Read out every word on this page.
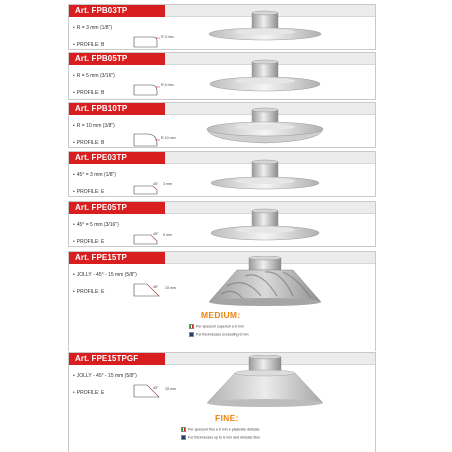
Art. FPB03TP
• R = 3 mm (1/8")
• PROFILE: B
R 3 mm
Art. FPB05TP
• R = 5 mm (3/16")
• PROFILE: B
R 5 mm
Art. FPB10TP
• R = 10 mm (3/8")
• PROFILE: B
R 10 mm
Art. FPE03TP
• 45° = 3 mm (1/8")
• PROFILE: E
45° 3 mm
Art. FPE05TP
• 45° = 5 mm (3/16")
• PROFILE: E
45° 5 mm
Art. FPE15TP
• JOLLY - 45° - 15 mm (5/8")
• PROFILE: E
45° 15 mm
MEDIUM:
Per spessori superiori a 6 mm
For thicknesses exceeding 6 mm
Art. FPE15TPGF
• JOLLY - 45° - 15 mm (5/8")
• PROFILE: E
45° 15 mm
FINE:
Per spessori fino a 6 mm e piastrelle delicate
For thicknesses up to 6 mm and delicate tiles
